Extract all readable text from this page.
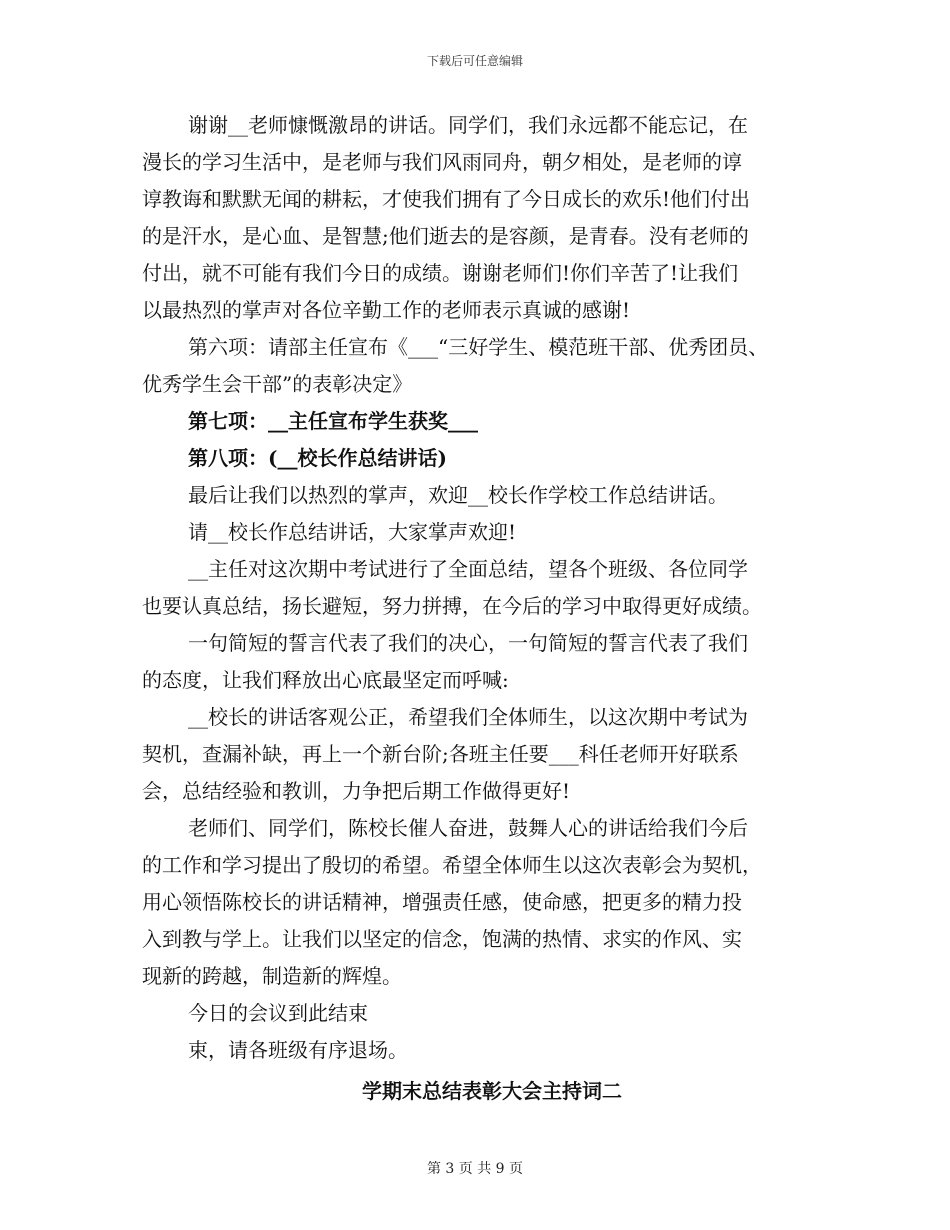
下载后可任意编辑
谢谢__老师慷慨激昂的讲话。同学们，我们永远都不能忘记，在
漫长的学习生活中，是老师与我们风雨同舟，朝夕相处，是老师的谆
谆教诲和默默无闻的耕耘，才使我们拥有了今日成长的欢乐!他们付出
的是汗水，是心血、是智慧;他们逝去的是容颜，是青春。没有老师的
付出，就不可能有我们今日的成绩。谢谢老师们!你们辛苦了!让我们
以最热烈的掌声对各位辛勤工作的老师表示真诚的感谢!
第六项：请部主任宣布《___“三好学生、模范班干部、优秀团员、
优秀学生会干部”的表彰决定》
第七项：__主任宣布学生获奖___
第八项：(__校长作总结讲话)
最后让我们以热烈的掌声，欢迎__校长作学校工作总结讲话。
请__校长作总结讲话，大家掌声欢迎!
__主任对这次期中考试进行了全面总结，望各个班级、各位同学
也要认真总结，扬长避短，努力拼搏，在今后的学习中取得更好成绩。
一句简短的誓言代表了我们的决心，一句简短的誓言代表了我们
的态度，让我们释放出心底最坚定而呼喊:
__校长的讲话客观公正，希望我们全体师生，以这次期中考试为
契机，查漏补缺，再上一个新台阶;各班主任要___科任老师开好联系
会，总结经验和教训，力争把后期工作做得更好!
老师们、同学们，陈校长催人奋进，鼓舞人心的讲话给我们今后
的工作和学习提出了殷切的希望。希望全体师生以这次表彰会为契机，
用心领悟陈校长的讲话精神，增强责任感，使命感，把更多的精力投
入到教与学上。让我们以坚定的信念，饱满的热情、求实的作风、实
现新的跨越，制造新的辉煌。
今日的会议到此结束
束，请各班级有序退场。
学期末总结表彰大会主持词二
第 3 页 共 9 页
